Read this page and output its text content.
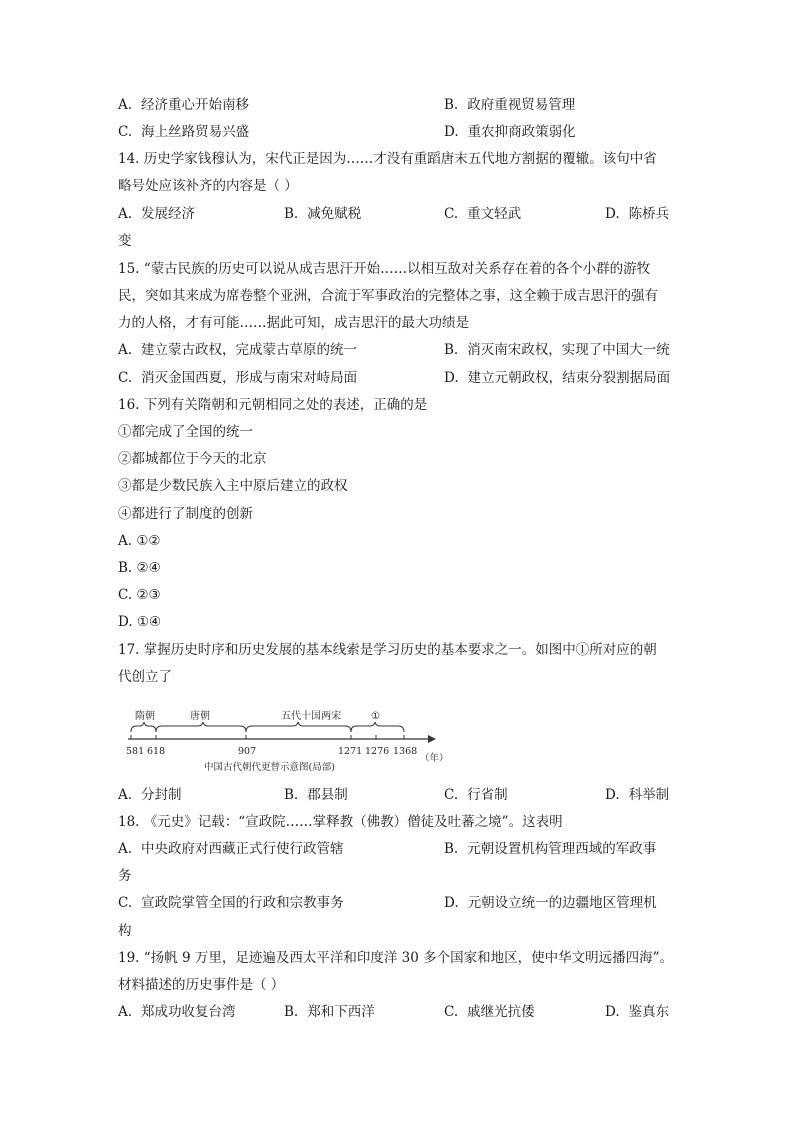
A. 经济重心开始南移	B. 政府重视贸易管理
C. 海上丝路贸易兴盛	D. 重农抑商政策弱化
14. 历史学家钱穆认为，宋代正是因为……才没有重蹈唐末五代地方割据的覆辙。该句中省
略号处应该补齐的内容是（ ）
A. 发展经济	B. 减免赋税	C. 重文轻武	D. 陈桥兵
变
15. “蒙古民族的历史可以说从成吉思汗开始……以相互敌对关系存在着的各个小群的游牧
民，突如其来成为席卷整个亚洲，合流于军事政治的完整体之事，这全赖于成吉思汗的强有
力的人格，才有可能……据此可知，成吉思汗的最大功绩是
A. 建立蒙古政权，完成蒙古草原的统一	B. 消灭南宋政权，实现了中国大一统
C. 消灭金国西夏，形成与南宋对峙局面	D. 建立元朝政权，结束分裂割据局面
16. 下列有关隋朝和元朝相同之处的表述，正确的是
①都完成了全国的统一
②都城都位于今天的北京
③都是少数民族入主中原后建立的政权
④都进行了制度的创新
A. ①②
B. ②④
C. ②③
D. ①④
17. 掌握历史时序和历史发展的基本线索是学习历史的基本要求之一。如图中①所对应的朝
代创立了
隋朝	唐朝	五代十国两宋	①
581 618	907	1271 1276 1368
（年）
中国古代朝代更替示意图(局部)
A. 分封制	B. 郡县制	C. 行省制	D. 科举制
18. 《元史》记载：“宣政院……掌释教（佛教）僧徒及吐蕃之境”。这表明
A. 中央政府对西藏正式行使行政管辖	B. 元朝设置机构管理西域的军政事
务
C. 宣政院掌管全国的行政和宗教事务	D. 元朝设立统一的边疆地区管理机
构
19. “扬帆 9 万里，足迹遍及西太平洋和印度洋 30 多个国家和地区，使中华文明远播四海”。
材料描述的历史事件是（ ）
A. 郑成功收复台湾	B. 郑和下西洋	C. 戚继光抗倭	D. 鉴真东
